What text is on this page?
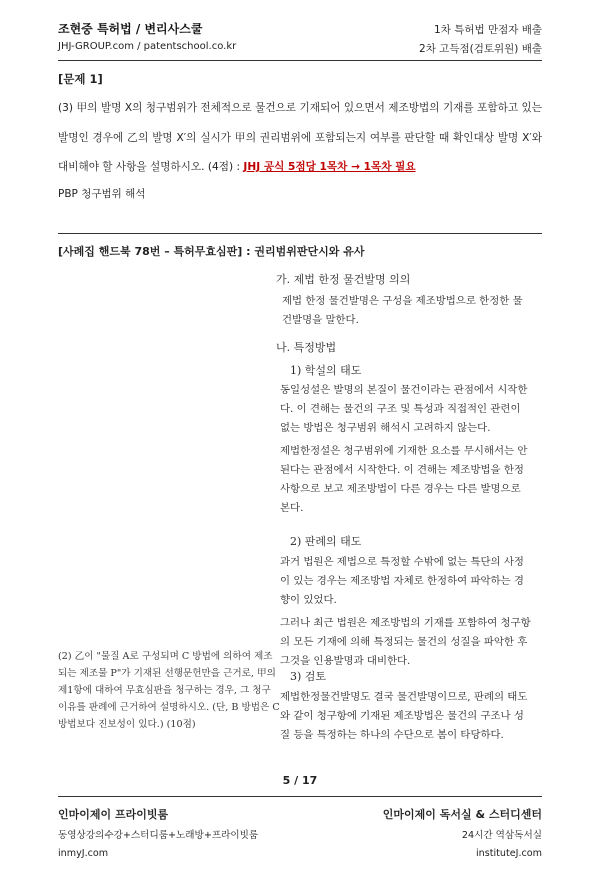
조현중 특허법 / 변리사스쿨
JHJ-GROUP.com / patentschool.co.kr
1차 특허법 만점자 배출
2차 고득점(검토위원) 배출
[문제 1]
(3) 甲의 발명 X의 청구범위가 전체적으로 물건으로 기재되어 있으면서 제조방법의 기재를 포함하고 있는 발명인 경우에 乙의 발명 X′의 실시가 甲의 권리범위에 포함되는지 여부를 판단할 때 확인대상 발명 X′와 대비해야 할 사항을 설명하시오. (4점) : JHJ 공식 5점당 1목차 → 1목차 필요
PBP 청구범위 해석
[사례집 핸드북 78번 – 특허무효심판] : 권리범위판단시와 유사
가. 제법 한정 물건발명 의의

제법 한정 물건발명은 구성을 제조방법으로 한정한 물건발명을 말한다.

나. 특정방법
1) 학설의 태도

동일성설은 발명의 본질이 물건이라는 관점에서 시작한다. 이 견해는 물건의 구조 및 특성과 직접적인 관련이 없는 방법은 청구범위 해석시 고려하지 않는다.

제법한정설은 청구범위에 기재한 요소를 무시해서는 안 된다는 관점에서 시작한다. 이 견해는 제조방법을 한정사항으로 보고 제조방법이 다른 경우는 다른 발명으로 본다.

2) 판례의 태도

과거 법원은 제법으로 특정할 수밖에 없는 특단의 사정이 있는 경우는 제조방법 자체로 한정하여 파악하는 경향이 있었다.

그러나 최근 법원은 제조방법의 기재를 포함하여 청구항의 모든 기재에 의해 특정되는 물건의 성질을 파악한 후 그것을 인용발명과 대비한다.

3) 검토

제법한정물건발명도 결국 물건발명이므로, 판례의 태도와 같이 청구항에 기재된 제조방법은 물건의 구조나 성질 등을 특정하는 하나의 수단으로 봄이 타당하다.

(2) 乙이 "물질 A로 구성되며 C 방법에 의하여 제조되는 제조물 P"가 기재된 선행문헌만을 근거로, 甲의 제1항에 대하여 무효심판을 청구하는 경우, 그 청구이유를 판례에 근거하여 설명하시오. (단, B 방법은 C 방법보다 진보성이 있다.) (10점)
5 / 17
인마이제이 프라이빗룸
동영상강의수강+스터디룸+노래방+프라이빗룸
inmyJ.com
인마이제이 독서실 & 스터디센터
24시간 역삼독서실
instituteJ.com
